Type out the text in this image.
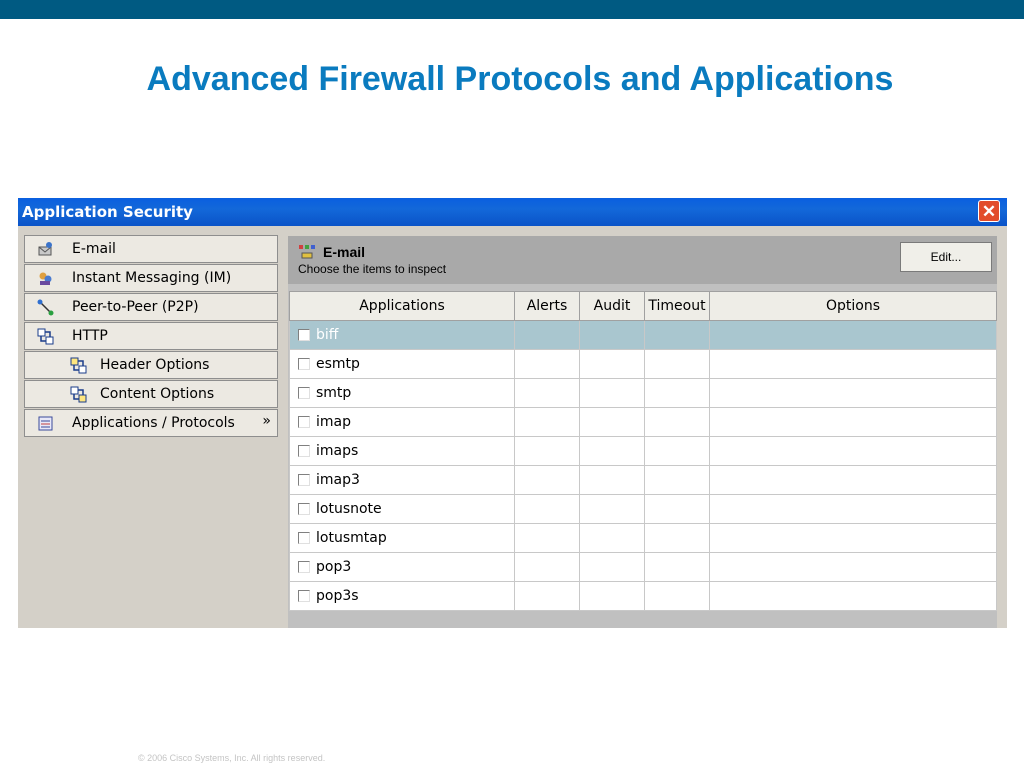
Advanced Firewall Protocols and Applications
Application Security	✕
E-mail
Instant Messaging (IM)
Peer-to-Peer (P2P)
HTTP
Header Options
Content Options
Applications / Protocols »
E-mail
Choose the items to inspect
Edit...
Applications	Alerts	Audit	Timeout	Options
biff				
esmtp				
smtp				
imap				
imaps				
imap3				
lotusnote				
lotusmtap				
pop3				
pop3s				
© 2006 Cisco Systems, Inc. All rights reserved.
